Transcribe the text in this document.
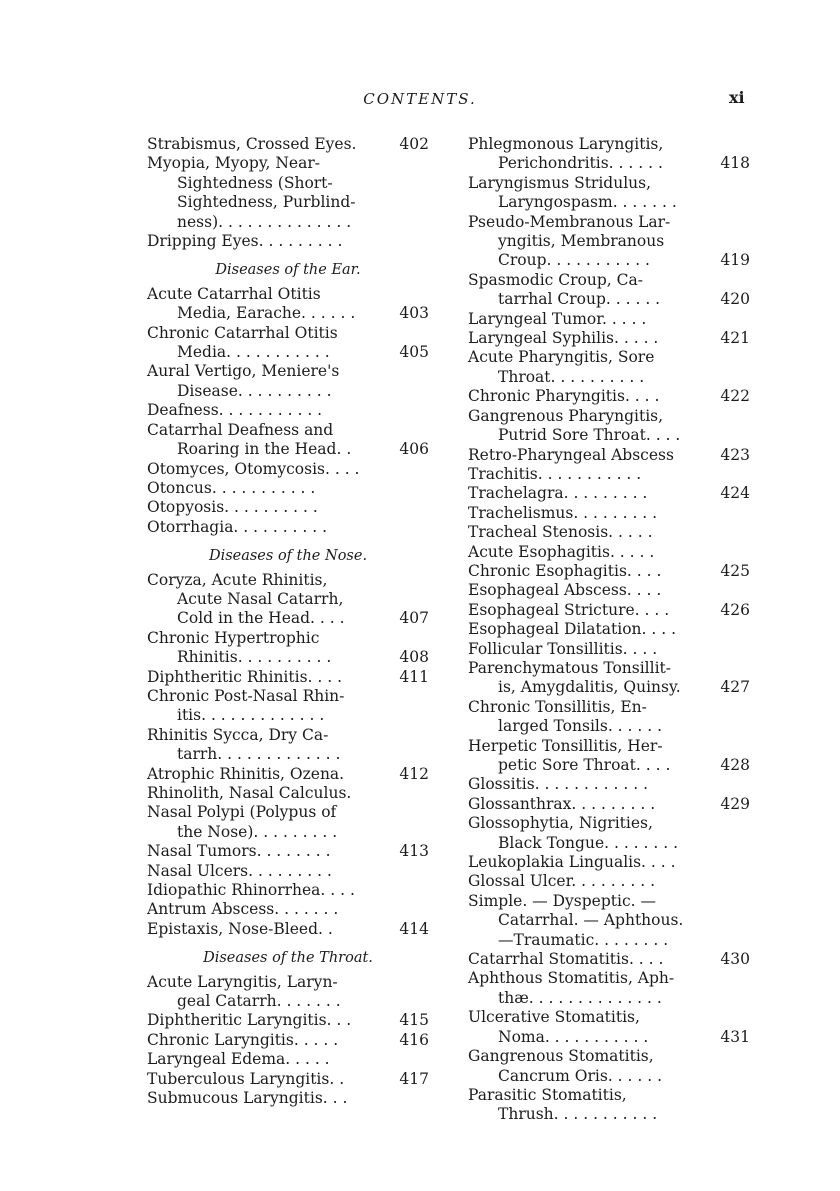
CONTENTS.	xi
Strabismus, Crossed Eyes.	402
Myopia, Myopy, Near-
Sightedness (Short-
Sightedness, Purblind-
ness). . . . . . . . . . . . . .
Dripping Eyes. . . . . . . . .
Diseases of the Ear.
Acute Catarrhal Otitis
Media, Earache. . . . . .	403
Chronic Catarrhal Otitis
Media. . . . . . . . . . .	405
Aural Vertigo, Meniere's
Disease. . . . . . . . . .
Deafness. . . . . . . . . . .
Catarrhal Deafness and
Roaring in the Head. .	406
Otomyces, Otomycosis. . . .
Otoncus. . . . . . . . . . .
Otopyosis. . . . . . . . . .
Otorrhagia. . . . . . . . . .
Diseases of the Nose.
Coryza, Acute Rhinitis,
Acute Nasal Catarrh,
Cold in the Head. . . .	407
Chronic Hypertrophic
Rhinitis. . . . . . . . . .	408
Diphtheritic Rhinitis. . . .	411
Chronic Post-Nasal Rhin-
itis. . . . . . . . . . . . .
Rhinitis Sycca, Dry Ca-
tarrh. . . . . . . . . . . . .
Atrophic Rhinitis, Ozena.	412
Rhinolith, Nasal Calculus.
Nasal Polypi (Polypus of
the Nose). . . . . . . . .
Nasal Tumors. . . . . . . .	413
Nasal Ulcers. . . . . . . . .
Idiopathic Rhinorrhea. . . .
Antrum Abscess. . . . . . .
Epistaxis, Nose-Bleed. .	414
Diseases of the Throat.
Acute Laryngitis, Laryn-
geal Catarrh. . . . . . .
Diphtheritic Laryngitis. . .	415
Chronic Laryngitis. . . . .	416
Laryngeal Edema. . . . .
Tuberculous Laryngitis. .	417
Submucous Laryngitis. . .
Phlegmonous Laryngitis,
Perichondritis. . . . . .	418
Laryngismus Stridulus,
Laryngospasm. . . . . . .
Pseudo-Membranous Lar-
yngitis, Membranous
Croup. . . . . . . . . . .	419
Spasmodic Croup, Ca-
tarrhal Croup. . . . . .	420
Laryngeal Tumor. . . . .
Laryngeal Syphilis. . . . .	421
Acute Pharyngitis, Sore
Throat. . . . . . . . . .
Chronic Pharyngitis. . . .	422
Gangrenous Pharyngitis,
Putrid Sore Throat. . . .
Retro-Pharyngeal Abscess	423
Trachitis. . . . . . . . . . .
Trachelagra. . . . . . . . .	424
Trachelismus. . . . . . . . .
Tracheal Stenosis. . . . .
Acute Esophagitis. . . . .
Chronic Esophagitis. . . .	425
Esophageal Abscess. . . .
Esophageal Stricture. . . .	426
Esophageal Dilatation. . . .
Follicular Tonsillitis. . . .
Parenchymatous Tonsillit-
is, Amygdalitis, Quinsy.	427
Chronic Tonsillitis, En-
larged Tonsils. . . . . .
Herpetic Tonsillitis, Her-
petic Sore Throat. . . .	428
Glossitis. . . . . . . . . . . .
Glossanthrax. . . . . . . . .	429
Glossophytia, Nigrities,
Black Tongue. . . . . . . .
Leukoplakia Lingualis. . . .
Glossal Ulcer. . . . . . . . .
Simple. — Dyspeptic. —
Catarrhal. — Aphthous.
—Traumatic. . . . . . . .
Catarrhal Stomatitis. . . .	430
Aphthous Stomatitis, Aph-
thæ. . . . . . . . . . . . . .
Ulcerative Stomatitis,
Noma. . . . . . . . . . .	431
Gangrenous Stomatitis,
Cancrum Oris. . . . . .
Parasitic Stomatitis,
Thrush. . . . . . . . . . .
